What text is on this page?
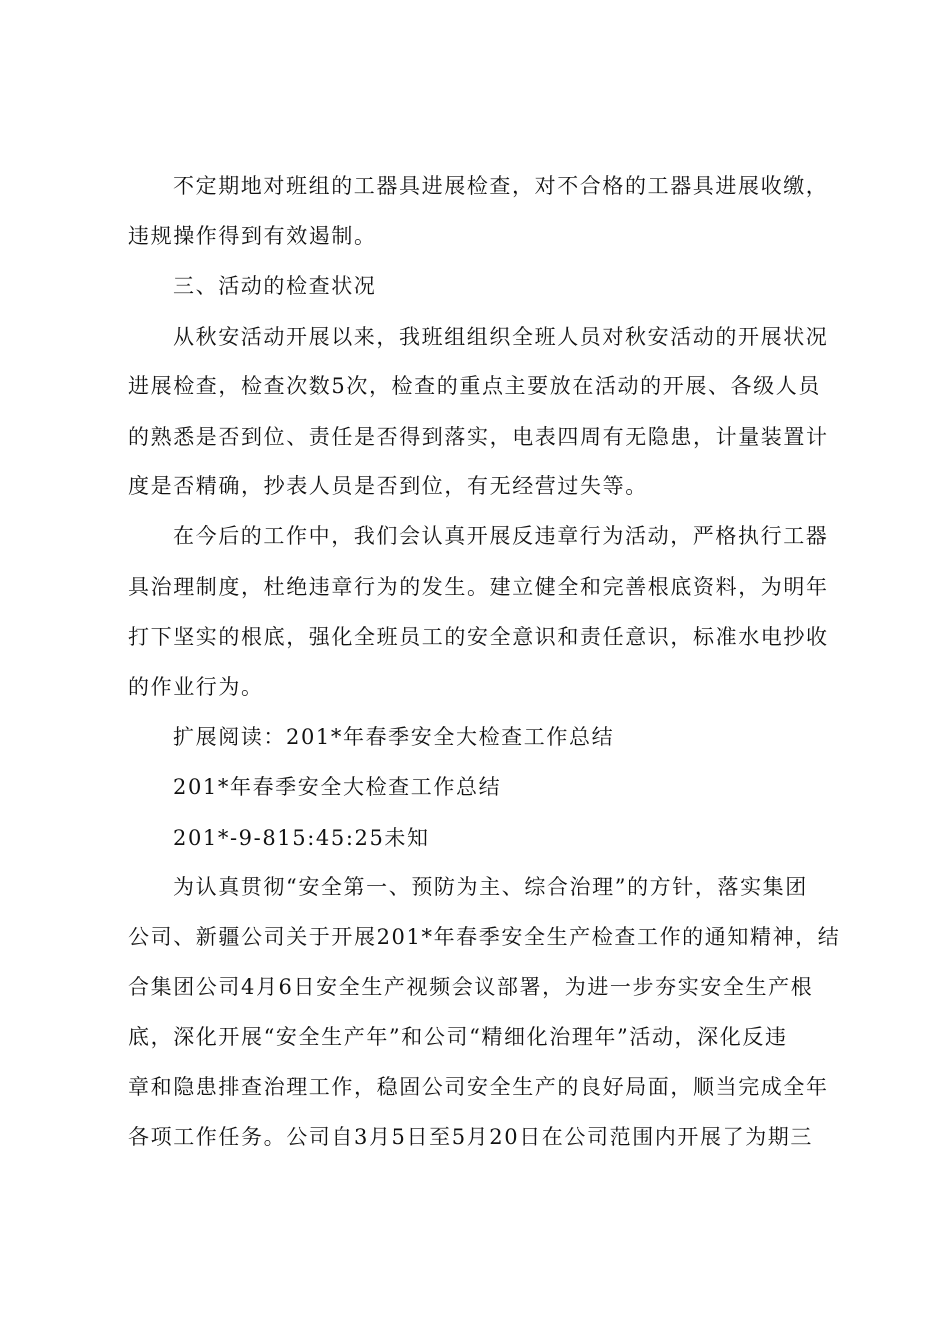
不定期地对班组的工器具进展检查，对不合格的工器具进展收缴，
违规操作得到有效遏制。
三、活动的检查状况
从秋安活动开展以来，我班组组织全班人员对秋安活动的开展状况
进展检查，检查次数5次，检查的重点主要放在活动的开展、各级人员
的熟悉是否到位、责任是否得到落实，电表四周有无隐患，计量装置计
度是否精确，抄表人员是否到位，有无经营过失等。
在今后的工作中，我们会认真开展反违章行为活动，严格执行工器
具治理制度，杜绝违章行为的发生。建立健全和完善根底资料，为明年
打下坚实的根底，强化全班员工的安全意识和责任意识，标准水电抄收
的作业行为。
扩展阅读：201*年春季安全大检查工作总结
201*年春季安全大检查工作总结
201*-9-815:45:25未知
为认真贯彻“安全第一、预防为主、综合治理”的方针，落实集团
公司、新疆公司关于开展201*年春季安全生产检查工作的通知精神，结
合集团公司4月6日安全生产视频会议部署，为进一步夯实安全生产根
底，深化开展“安全生产年”和公司“精细化治理年”活动，深化反违
章和隐患排查治理工作，稳固公司安全生产的良好局面，顺当完成全年
各项工作任务。公司自3月5日至5月20日在公司范围内开展了为期三
